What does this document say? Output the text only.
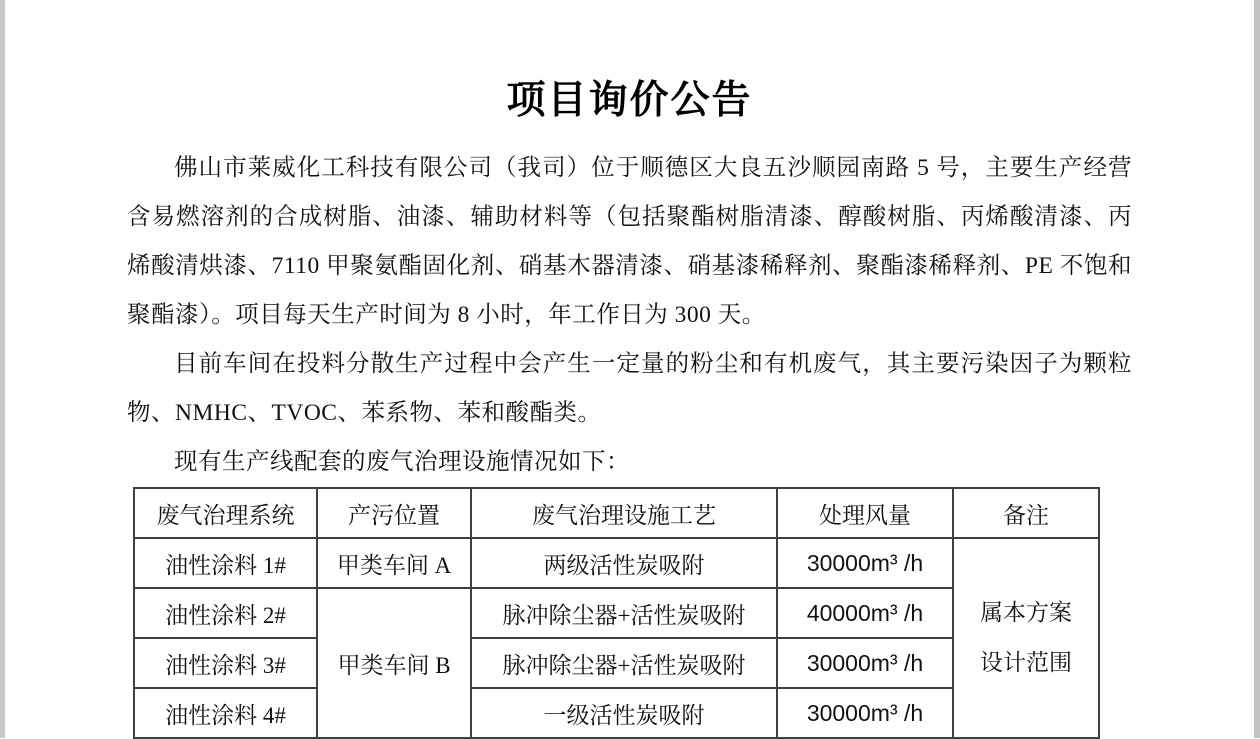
项目询价公告

佛山市莱威化工科技有限公司（我司）位于顺德区大良五沙顺园南路 5 号，主要生产经营含易燃溶剂的合成树脂、油漆、辅助材料等（包括聚酯树脂清漆、醇酸树脂、丙烯酸清漆、丙烯酸清烘漆、7110 甲聚氨酯固化剂、硝基木器清漆、硝基漆稀释剂、聚酯漆稀释剂、PE 不饱和聚酯漆）。项目每天生产时间为 8 小时，年工作日为 300 天。

目前车间在投料分散生产过程中会产生一定量的粉尘和有机废气，其主要污染因子为颗粒物、NMHC、TVOC、苯系物、苯和酸酯类。

现有生产线配套的废气治理设施情况如下：

废气治理系统	产污位置	废气治理设施工艺	处理风量	备注
油性涂料 1#	甲类车间 A	两级活性炭吸附	30000m³ /h	属本方案
设计范围

油性涂料 2#	甲类车间 B	脉冲除尘器+活性炭吸附	40000m³ /h	
油性涂料 3#		脉冲除尘器+活性炭吸附	30000m³ /h	
油性涂料 4#		一级活性炭吸附	30000m³ /h	
